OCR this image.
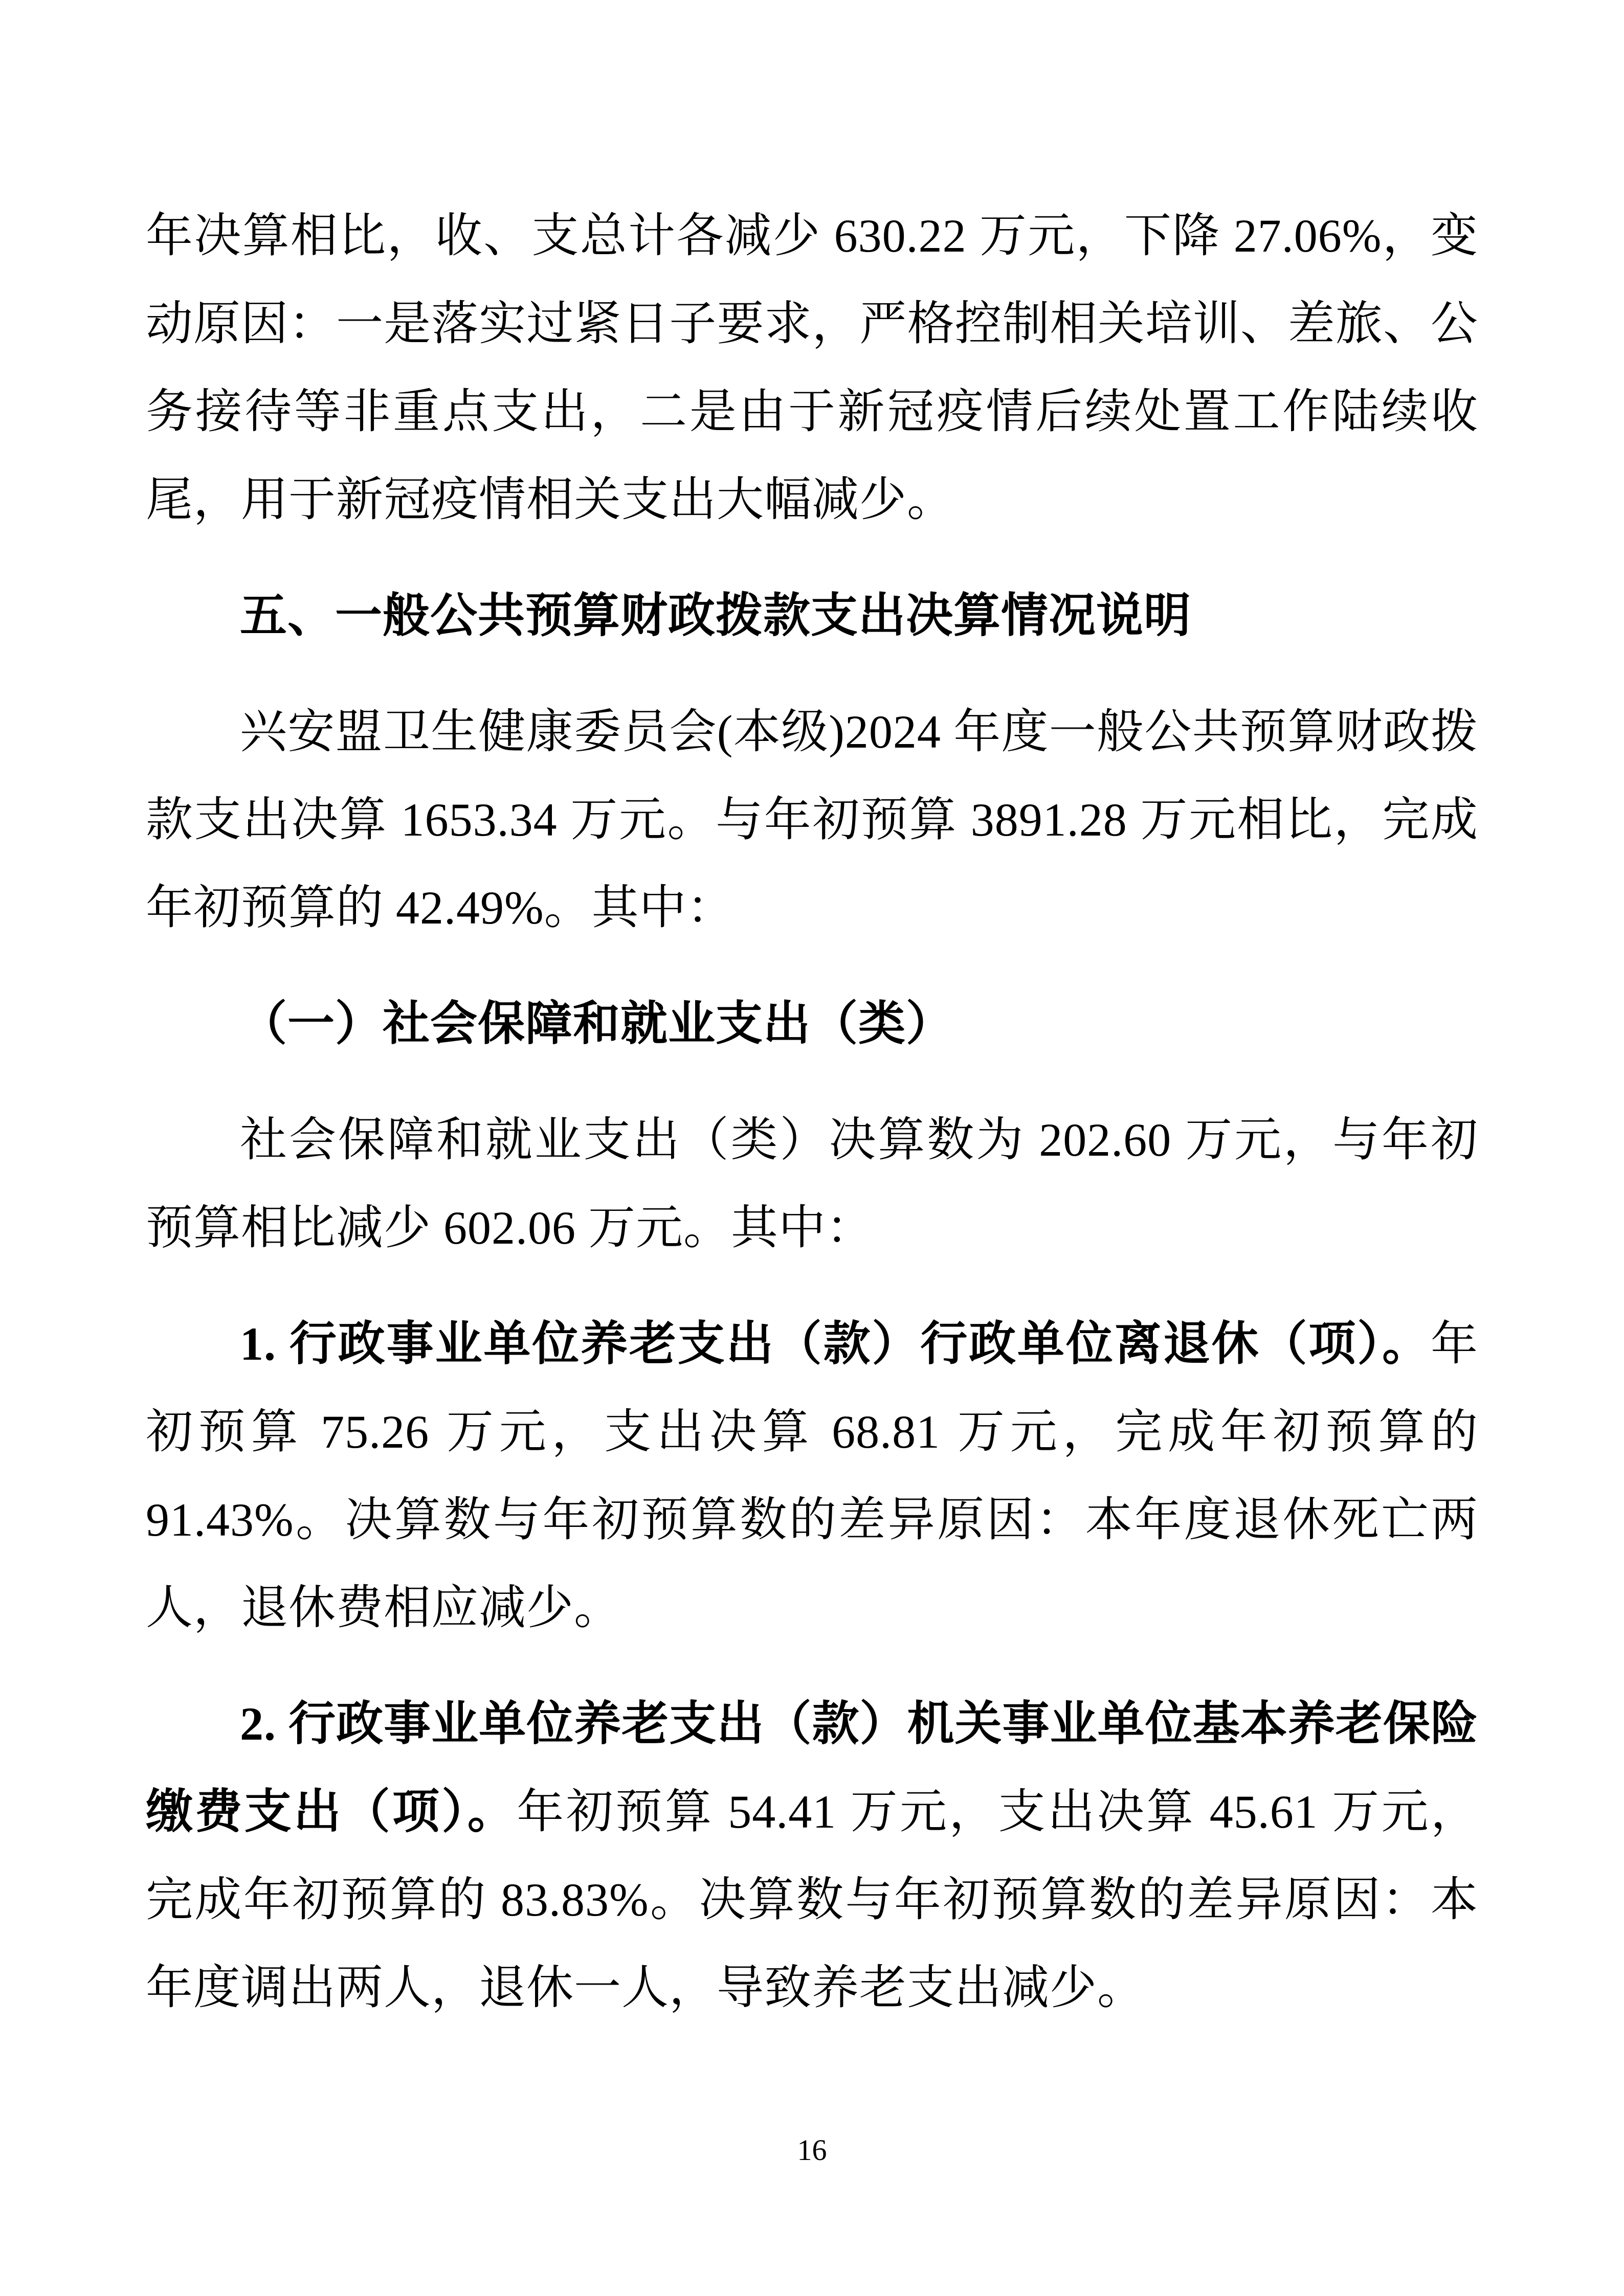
年决算相比，收、支总计各减少 630.22 万元，下降 27.06%，变动原因：一是落实过紧日子要求，严格控制相关培训、差旅、公务接待等非重点支出，二是由于新冠疫情后续处置工作陆续收尾，用于新冠疫情相关支出大幅减少。
五、一般公共预算财政拨款支出决算情况说明
兴安盟卫生健康委员会(本级)2024 年度一般公共预算财政拨款支出决算 1653.34 万元。与年初预算 3891.28 万元相比，完成年初预算的 42.49%。其中：
（一）社会保障和就业支出（类）
社会保障和就业支出（类）决算数为 202.60 万元，与年初预算相比减少 602.06 万元。其中：
1. 行政事业单位养老支出（款）行政单位离退休（项）。年初预算 75.26 万元，支出决算 68.81 万元，完成年初预算的 91.43%。决算数与年初预算数的差异原因：本年度退休死亡两人，退休费相应减少。
2. 行政事业单位养老支出（款）机关事业单位基本养老保险缴费支出（项）。年初预算 54.41 万元，支出决算 45.61 万元，完成年初预算的 83.83%。决算数与年初预算数的差异原因：本年度调出两人，退休一人，导致养老支出减少。
16
